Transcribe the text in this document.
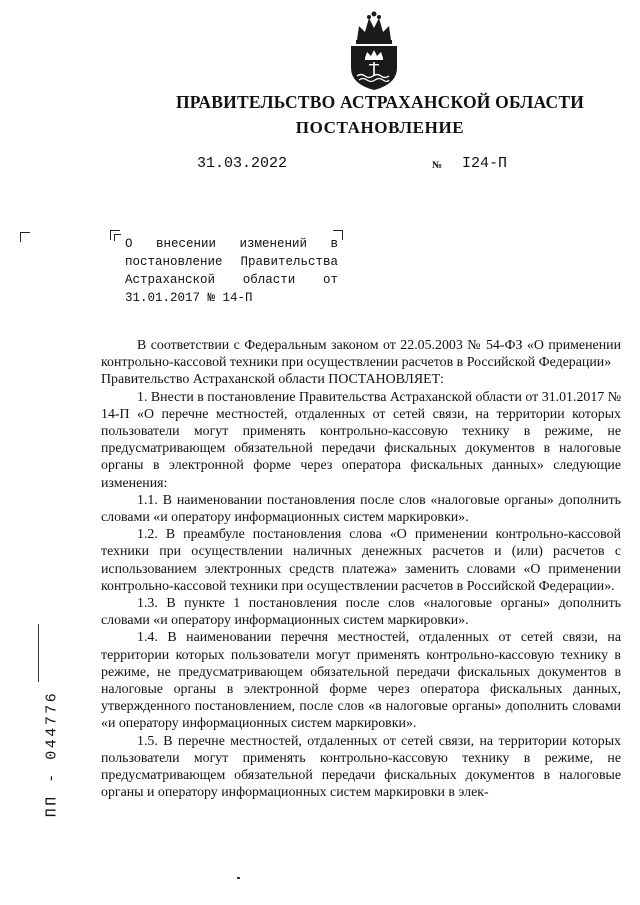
ПРАВИТЕЛЬСТВО АСТРАХАНСКОЙ ОБЛАСТИ
ПОСТАНОВЛЕНИЕ
31.03.2022	№ I24-П
О внесении изменений в постановление Правительства Астраханской области от 31.01.2017 № 14-П

В соответствии с Федеральным законом от 22.05.2003 № 54-ФЗ «О применении контрольно-кассовой техники при осуществлении расчетов в Российской Федерации»

Правительство Астраханской области ПОСТАНОВЛЯЕТ:

1. Внести в постановление Правительства Астраханской области от 31.01.2017 № 14-П «О перечне местностей, отдаленных от сетей связи, на территории которых пользователи могут применять контрольно-кассовую технику в режиме, не предусматривающем обязательной передачи фискальных документов в налоговые органы в электронной форме через оператора фискальных данных» следующие изменения:

1.1. В наименовании постановления после слов «налоговые органы» дополнить словами «и оператору информационных систем маркировки».

1.2. В преамбуле постановления слова «О применении контрольно-кассовой техники при осуществлении наличных денежных расчетов и (или) расчетов с использованием электронных средств платежа» заменить словами «О применении контрольно-кассовой техники при осуществлении расчетов в Российской Федерации».

1.3. В пункте 1 постановления после слов «налоговые органы» дополнить словами «и оператору информационных систем маркировки».

1.4. В наименовании перечня местностей, отдаленных от сетей связи, на территории которых пользователи могут применять контрольно-кассовую технику в режиме, не предусматривающем обязательной передачи фискальных документов в налоговые органы в электронной форме через оператора фискальных данных, утвержденного постановлением, после слов «в налоговые органы» дополнить словами «и оператору информационных систем маркировки».

1.5. В перечне местностей, отдаленных от сетей связи, на территории которых пользователи могут применять контрольно-кассовую технику в режиме, не предусматривающем обязательной передачи фискальных документов в налоговые органы и оператору информационных систем маркировки в элек-

ПП - 044776
